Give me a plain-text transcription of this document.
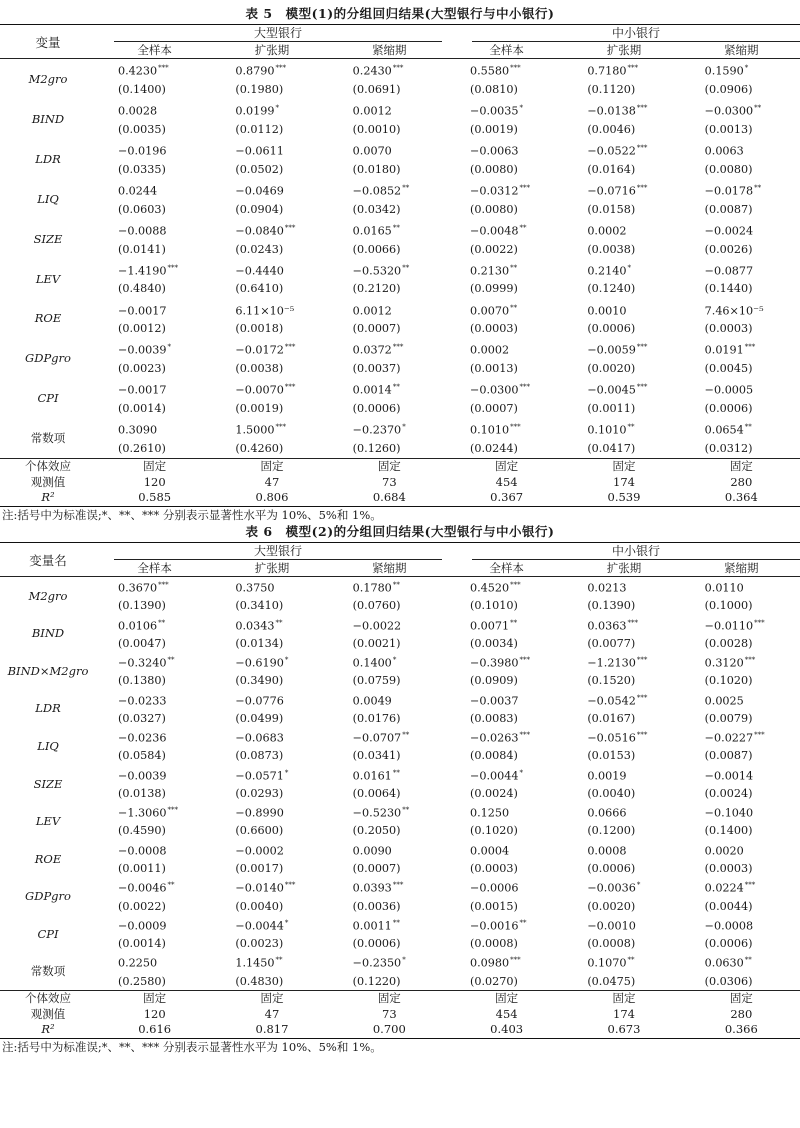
表 5　模型(1)的分组回归结果(大型银行与中小银行)
变量	大型银行			中小银行		

	全样本	扩张期	紧缩期	全样本	扩张期	紧缩期
M2gro	0.4230***	0.8790***	0.2430***	0.5580***	0.7180***	0.1590*
	(0.1400)	(0.1980)	(0.0691)	(0.0810)	(0.1120)	(0.0906)
BIND	0.0028	0.0199*	0.0012	−0.0035*	−0.0138***	−0.0300**
	(0.0035)	(0.0112)	(0.0010)	(0.0019)	(0.0046)	(0.0013)
LDR	−0.0196	−0.0611	0.0070	−0.0063	−0.0522***	0.0063
	(0.0335)	(0.0502)	(0.0180)	(0.0080)	(0.0164)	(0.0080)
LIQ	0.0244	−0.0469	−0.0852**	−0.0312***	−0.0716***	−0.0178**
	(0.0603)	(0.0904)	(0.0342)	(0.0080)	(0.0158)	(0.0087)
SIZE	−0.0088	−0.0840***	0.0165**	−0.0048**	0.0002	−0.0024
	(0.0141)	(0.0243)	(0.0066)	(0.0022)	(0.0038)	(0.0026)
LEV	−1.4190***	−0.4440	−0.5320**	0.2130**	0.2140*	−0.0877
	(0.4840)	(0.6410)	(0.2120)	(0.0999)	(0.1240)	(0.1440)
ROE	−0.0017	6.11×10⁻⁵	0.0012	0.0070**	0.0010	7.46×10⁻⁵
	(0.0012)	(0.0018)	(0.0007)	(0.0003)	(0.0006)	(0.0003)
GDPgro	−0.0039*	−0.0172***	0.0372***	0.0002	−0.0059***	0.0191***
	(0.0023)	(0.0038)	(0.0037)	(0.0013)	(0.0020)	(0.0045)
CPI	−0.0017	−0.0070***	0.0014**	−0.0300***	−0.0045***	−0.0005
	(0.0014)	(0.0019)	(0.0006)	(0.0007)	(0.0011)	(0.0006)
常数项	0.3090	1.5000***	−0.2370*	0.1010***	0.1010**	0.0654**
	(0.2610)	(0.4260)	(0.1260)	(0.0244)	(0.0417)	(0.0312)
个体效应	固定	固定	固定	固定	固定	固定
观测值	120	47	73	454	174	280
R²	0.585	0.806	0.684	0.367	0.539	0.364
注:括号中为标准误;*、**、*** 分别表示显著性水平为 10%、5%和 1%。
表 6　模型(2)的分组回归结果(大型银行与中小银行)
变量名	大型银行			中小银行		

	全样本	扩张期	紧缩期	全样本	扩张期	紧缩期
M2gro	0.3670***	0.3750	0.1780**	0.4520***	0.0213	0.0110
	(0.1390)	(0.3410)	(0.0760)	(0.1010)	(0.1390)	(0.1000)
BIND	0.0106**	0.0343**	−0.0022	0.0071**	0.0363***	−0.0110***
	(0.0047)	(0.0134)	(0.0021)	(0.0034)	(0.0077)	(0.0028)
BIND×M2gro	−0.3240**	−0.6190*	0.1400*	−0.3980***	−1.2130***	0.3120***
	(0.1380)	(0.3490)	(0.0759)	(0.0909)	(0.1520)	(0.1020)
LDR	−0.0233	−0.0776	0.0049	−0.0037	−0.0542***	0.0025
	(0.0327)	(0.0499)	(0.0176)	(0.0083)	(0.0167)	(0.0079)
LIQ	−0.0236	−0.0683	−0.0707**	−0.0263***	−0.0516***	−0.0227***
	(0.0584)	(0.0873)	(0.0341)	(0.0084)	(0.0153)	(0.0087)
SIZE	−0.0039	−0.0571*	0.0161**	−0.0044*	0.0019	−0.0014
	(0.0138)	(0.0293)	(0.0064)	(0.0024)	(0.0040)	(0.0024)
LEV	−1.3060***	−0.8990	−0.5230**	0.1250	0.0666	−0.1040
	(0.4590)	(0.6600)	(0.2050)	(0.1020)	(0.1200)	(0.1400)
ROE	−0.0008	−0.0002	0.0090	0.0004	0.0008	0.0020
	(0.0011)	(0.0017)	(0.0007)	(0.0003)	(0.0006)	(0.0003)
GDPgro	−0.0046**	−0.0140***	0.0393***	−0.0006	−0.0036*	0.0224***
	(0.0022)	(0.0040)	(0.0036)	(0.0015)	(0.0020)	(0.0044)
CPI	−0.0009	−0.0044*	0.0011**	−0.0016**	−0.0010	−0.0008
	(0.0014)	(0.0023)	(0.0006)	(0.0008)	(0.0008)	(0.0006)
常数项	0.2250	1.1450**	−0.2350*	0.0980***	0.1070**	0.0630**
	(0.2580)	(0.4830)	(0.1220)	(0.0270)	(0.0475)	(0.0306)
个体效应	固定	固定	固定	固定	固定	固定
观测值	120	47	73	454	174	280
R²	0.616	0.817	0.700	0.403	0.673	0.366
注:括号中为标准误;*、**、*** 分别表示显著性水平为 10%、5%和 1%。
